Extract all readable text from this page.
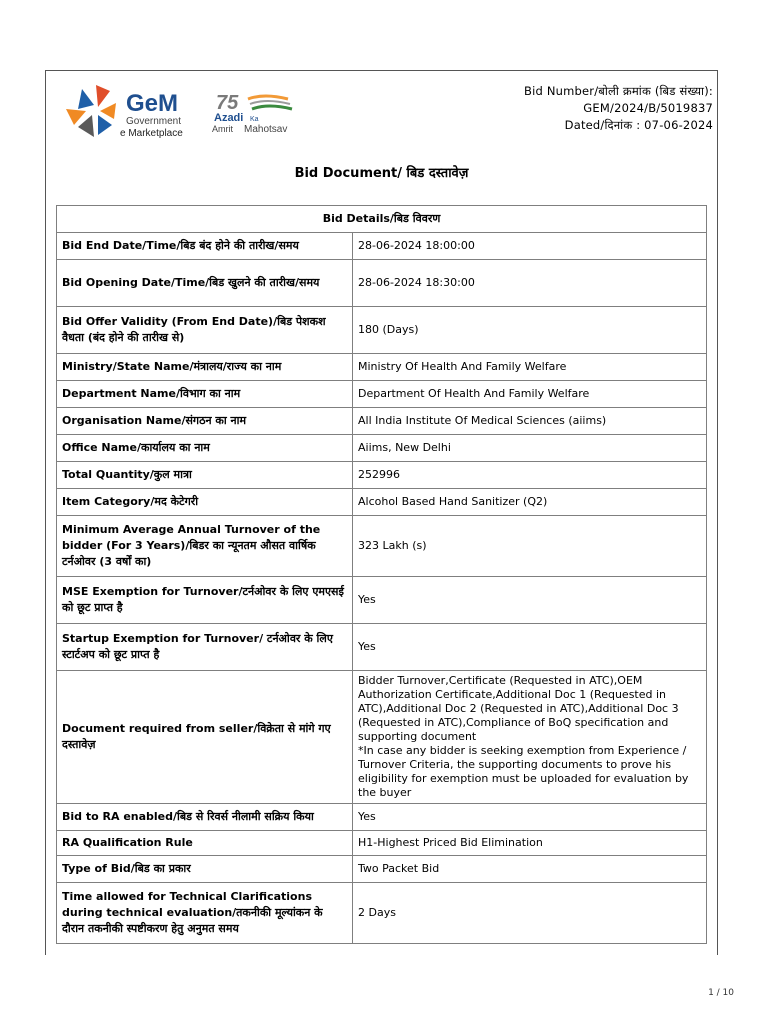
GeM
Government
e Marketplace
75
Azadi Ka
Amrit Mahotsav
Bid Number/बोली क्रमांक (बिड संख्या):
GEM/2024/B/5019837
Dated/दिनांक : 07-06-2024
Bid Document/ बिड दस्तावेज़
Bid Details/बिड विवरण	
Bid End Date/Time/बिड बंद होने की तारीख/समय	28-06-2024 18:00:00
Bid Opening Date/Time/बिड खुलने की तारीख/समय	28-06-2024 18:30:00
Bid Offer Validity (From End Date)/बिड पेशकश वैधता (बंद होने की तारीख से)	180 (Days)
Ministry/State Name/मंत्रालय/राज्य का नाम	Ministry Of Health And Family Welfare
Department Name/विभाग का नाम	Department Of Health And Family Welfare
Organisation Name/संगठन का नाम	All India Institute Of Medical Sciences (aiims)
Office Name/कार्यालय का नाम	Aiims, New Delhi
Total Quantity/कुल मात्रा	252996
Item Category/मद केटेगरी	Alcohol Based Hand Sanitizer (Q2)
Minimum Average Annual Turnover of the bidder (For 3 Years)/बिडर का न्यूनतम औसत वार्षिक टर्नओवर (3 वर्षों का)	323 Lakh (s)
MSE Exemption for Turnover/टर्नओवर के लिए एमएसई को छूट प्राप्त है	Yes
Startup Exemption for Turnover/ टर्नओवर के लिए स्टार्टअप को छूट प्राप्त है	Yes
Document required from seller/विक्रेता से मांगे गए दस्तावेज़	Bidder Turnover,Certificate (Requested in ATC),OEM Authorization Certificate,Additional Doc 1 (Requested in ATC),Additional Doc 2 (Requested in ATC),Additional Doc 3 (Requested in ATC),Compliance of BoQ specification and supporting document
*In case any bidder is seeking exemption from Experience / Turnover Criteria, the supporting documents to prove his eligibility for exemption must be uploaded for evaluation by the buyer

Bid to RA enabled/बिड से रिवर्स नीलामी सक्रिय किया	Yes
RA Qualification Rule	H1-Highest Priced Bid Elimination
Type of Bid/बिड का प्रकार	Two Packet Bid
Time allowed for Technical Clarifications during technical evaluation/तकनीकी मूल्यांकन के दौरान तकनीकी स्पष्टीकरण हेतु अनुमत समय	2 Days
1 / 10
